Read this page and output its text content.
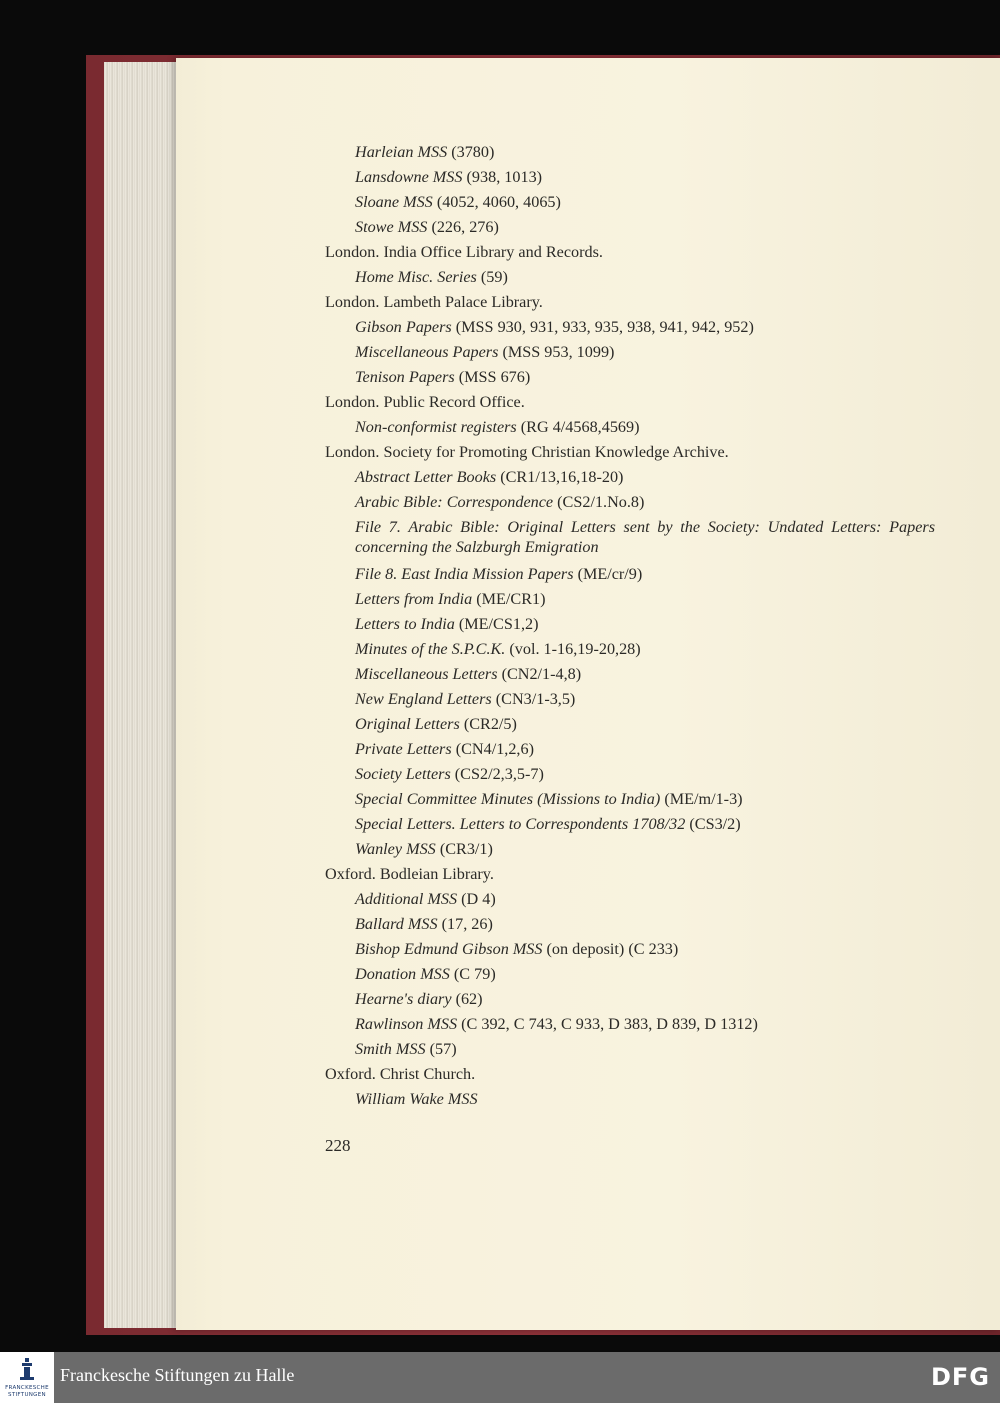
Harleian MSS (3780)
Lansdowne MSS (938, 1013)
Sloane MSS (4052, 4060, 4065)
Stowe MSS (226, 276)
London. India Office Library and Records.
Home Misc. Series (59)
London. Lambeth Palace Library.
Gibson Papers (MSS 930, 931, 933, 935, 938, 941, 942, 952)
Miscellaneous Papers (MSS 953, 1099)
Tenison Papers (MSS 676)
London. Public Record Office.
Non-conformist registers (RG 4/4568,4569)
London. Society for Promoting Christian Knowledge Archive.
Abstract Letter Books (CR1/13,16,18-20)
Arabic Bible: Correspondence (CS2/1.No.8)
File 7. Arabic Bible: Original Letters sent by the Society: Undated Letters: Papers concerning the Salzburgh Emigration
File 8. East India Mission Papers (ME/cr/9)
Letters from India (ME/CR1)
Letters to India (ME/CS1,2)
Minutes of the S.P.C.K. (vol. 1-16,19-20,28)
Miscellaneous Letters (CN2/1-4,8)
New England Letters (CN3/1-3,5)
Original Letters (CR2/5)
Private Letters (CN4/1,2,6)
Society Letters (CS2/2,3,5-7)
Special Committee Minutes (Missions to India) (ME/m/1-3)
Special Letters. Letters to Correspondents 1708/32 (CS3/2)
Wanley MSS (CR3/1)
Oxford. Bodleian Library.
Additional MSS (D 4)
Ballard MSS (17, 26)
Bishop Edmund Gibson MSS (on deposit) (C 233)
Donation MSS (C 79)
Hearne's diary (62)
Rawlinson MSS (C 392, C 743, C 933, D 383, D 839, D 1312)
Smith MSS (57)
Oxford. Christ Church.
William Wake MSS
228
FRANCKESCHE
STIFTUNGEN
Franckesche Stiftungen zu Halle	DFG
